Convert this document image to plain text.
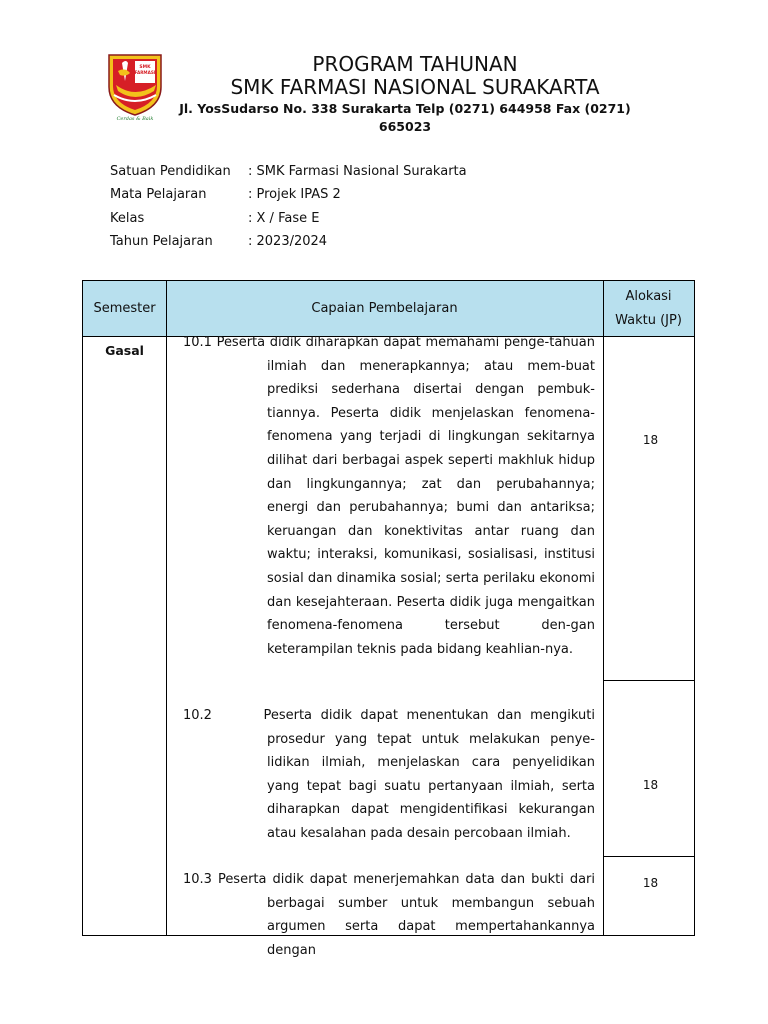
SMK
FARMASI
Cerdas & Baik
PROGRAM TAHUNAN
SMK FARMASI NASIONAL SURAKARTA
Jl. YosSudarso No. 338 Surakarta Telp (0271) 644958 Fax (0271) 665023
Satuan Pendidikan : SMK Farmasi Nasional Surakarta
Mata Pelajaran	: Projek IPAS 2
Kelas	: X / Fase E
Tahun Pelajaran	: 2023/2024
Semester	Capaian Pembelajaran
Alokasi
Waktu (JP)
Gasal
10.1 Peserta didik diharapkan dapat memahami penge-tahuan ilmiah dan menerapkannya; atau mem-buat prediksi sederhana disertai dengan pembuk-tiannya. Peserta didik menjelaskan fenomena-fenomena yang terjadi di lingkungan sekitarnya dilihat dari berbagai aspek seperti makhluk hidup dan lingkungannya; zat dan perubahannya; energi dan perubahannya; bumi dan antariksa; keruangan dan konektivitas antar ruang dan waktu; interaksi, komunikasi, sosialisasi, institusi sosial dan dinamika sosial; serta perilaku ekonomi dan kesejahteraan. Peserta didik juga mengaitkan fenomena-fenomena tersebut den-gan keterampilan teknis pada bidang keahlian-nya.
18
10.2	Peserta didik dapat menentukan dan mengikuti prosedur yang tepat untuk melakukan penye-lidikan ilmiah, menjelaskan cara penyelidikan yang tepat bagi suatu pertanyaan ilmiah, serta diharapkan dapat mengidentifikasi kekurangan atau kesalahan pada desain percobaan ilmiah.
18
10.3 Peserta didik dapat menerjemahkan data dan bukti dari berbagai sumber untuk membangun sebuah argumen serta dapat mempertahankannya dengan
18
